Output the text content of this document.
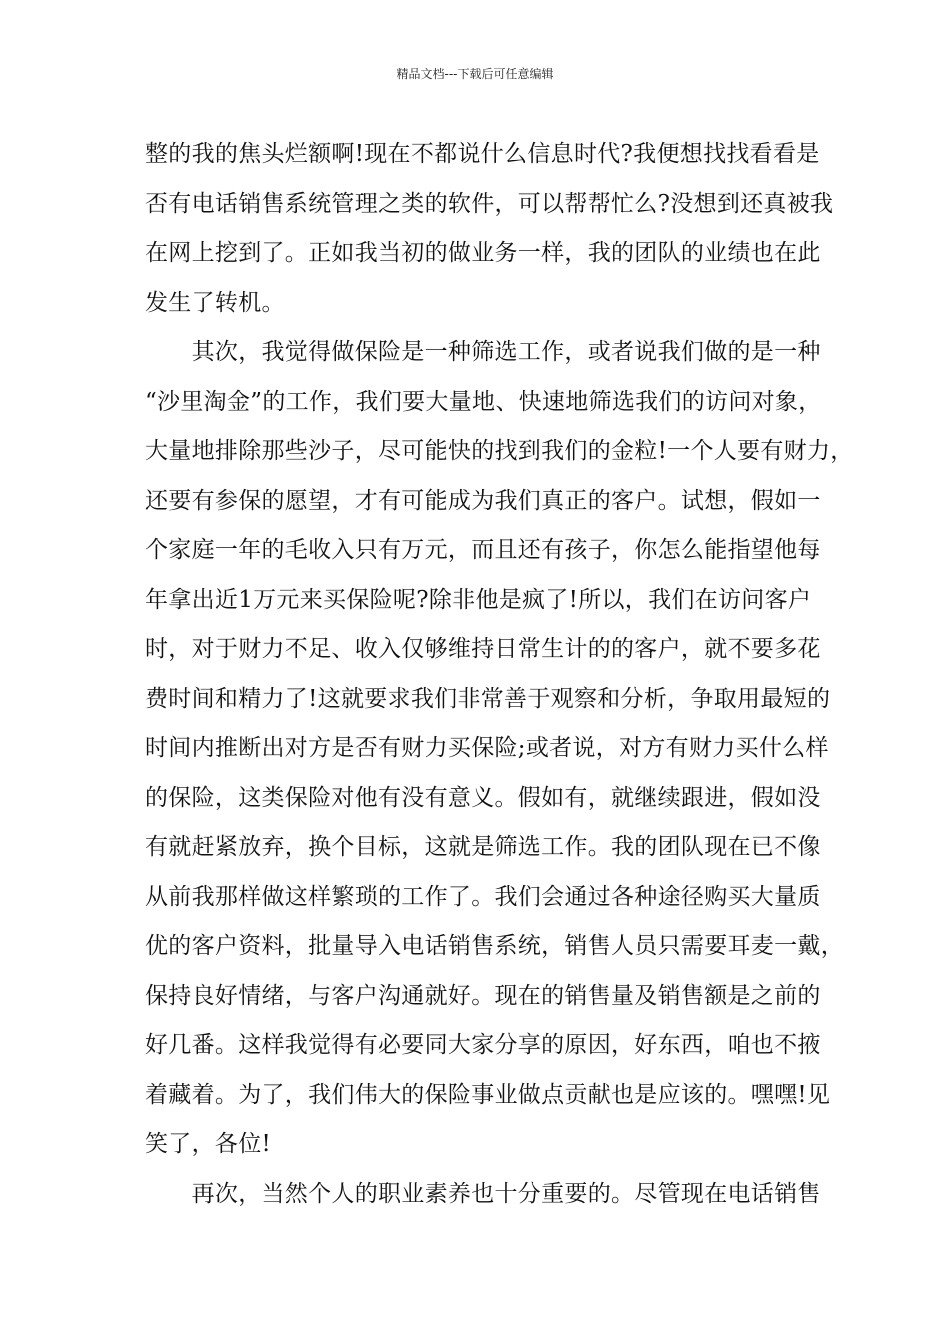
精品文档---下载后可任意编辑
整的我的焦头烂额啊!现在不都说什么信息时代?我便想找找看看是
否有电话销售系统管理之类的软件，可以帮帮忙么?没想到还真被我
在网上挖到了。正如我当初的做业务一样，我的团队的业绩也在此
发生了转机。
　　其次，我觉得做保险是一种筛选工作，或者说我们做的是一种
“沙里淘金”的工作，我们要大量地、快速地筛选我们的访问对象，
大量地排除那些沙子，尽可能快的找到我们的金粒!一个人要有财力，
还要有参保的愿望，才有可能成为我们真正的客户。试想，假如一
个家庭一年的毛收入只有万元，而且还有孩子，你怎么能指望他每
年拿出近1万元来买保险呢?除非他是疯了!所以，我们在访问客户
时，对于财力不足、收入仅够维持日常生计的的客户，就不要多花
费时间和精力了!这就要求我们非常善于观察和分析，争取用最短的
时间内推断出对方是否有财力买保险;或者说，对方有财力买什么样
的保险，这类保险对他有没有意义。假如有，就继续跟进，假如没
有就赶紧放弃，换个目标，这就是筛选工作。我的团队现在已不像
从前我那样做这样繁琐的工作了。我们会通过各种途径购买大量质
优的客户资料，批量导入电话销售系统，销售人员只需要耳麦一戴，
保持良好情绪，与客户沟通就好。现在的销售量及销售额是之前的
好几番。这样我觉得有必要同大家分享的原因，好东西，咱也不掖
着藏着。为了，我们伟大的保险事业做点贡献也是应该的。嘿嘿!见
笑了，各位!
　　再次，当然个人的职业素养也十分重要的。尽管现在电话销售
